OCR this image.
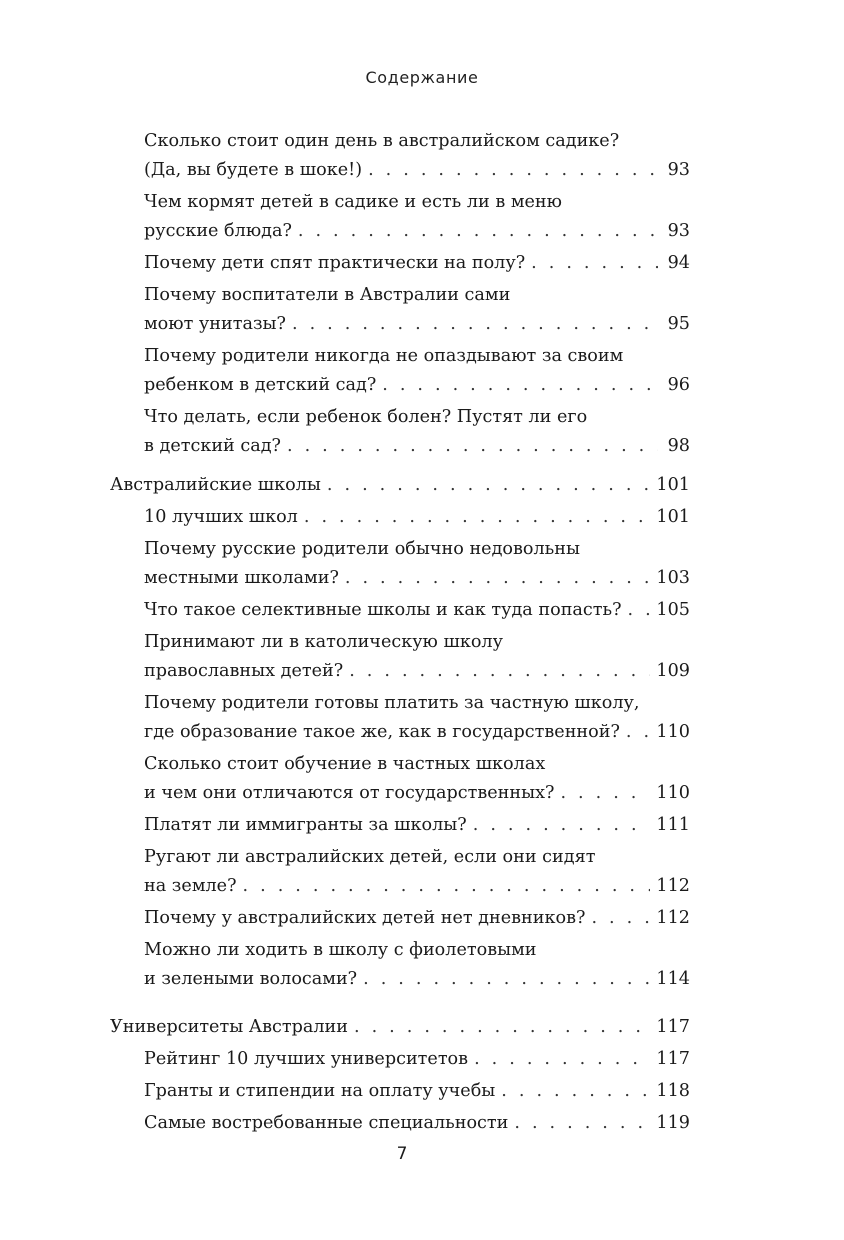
Содержание
Сколько стоит один день в австралийском садике?
(Да, вы будете в шоке!) . . .	93
Чем кормят детей в садике и есть ли в меню
русские блюда? . . .	93
Почему дети спят практически на полу? . . .	94
Почему воспитатели в Австралии сами
моют унитазы? . . .	95
Почему родители никогда не опаздывают за своим
ребенком в детский сад? . . .	96
Что делать, если ребенок болен? Пустят ли его
в детский сад? . . .	98
Австралийские школы . . .	101
10 лучших школ . . .	101
Почему русские родители обычно недовольны
местными школами? . . .	103
Что такое селективные школы и как туда попасть? . . . 105
Принимают ли в католическую школу
православных детей? . . .	109
Почему родители готовы платить за частную школу,
где образование такое же, как в государственной? . . . 110
Сколько стоит обучение в частных школах
и чем они отличаются от государственных? . . .	110
Платят ли иммигранты за школы? . . .	111
Ругают ли австралийских детей, если они сидят
на земле? . . .	112
Почему у австралийских детей нет дневников? . . .	112
Можно ли ходить в школу с фиолетовыми
и зелеными волосами? . . .	114
Университеты Австралии . . .	117
Рейтинг 10 лучших университетов . . .	117
Гранты и стипендии на оплату учебы . . .	118
Самые востребованные специальности . . .	119
7
